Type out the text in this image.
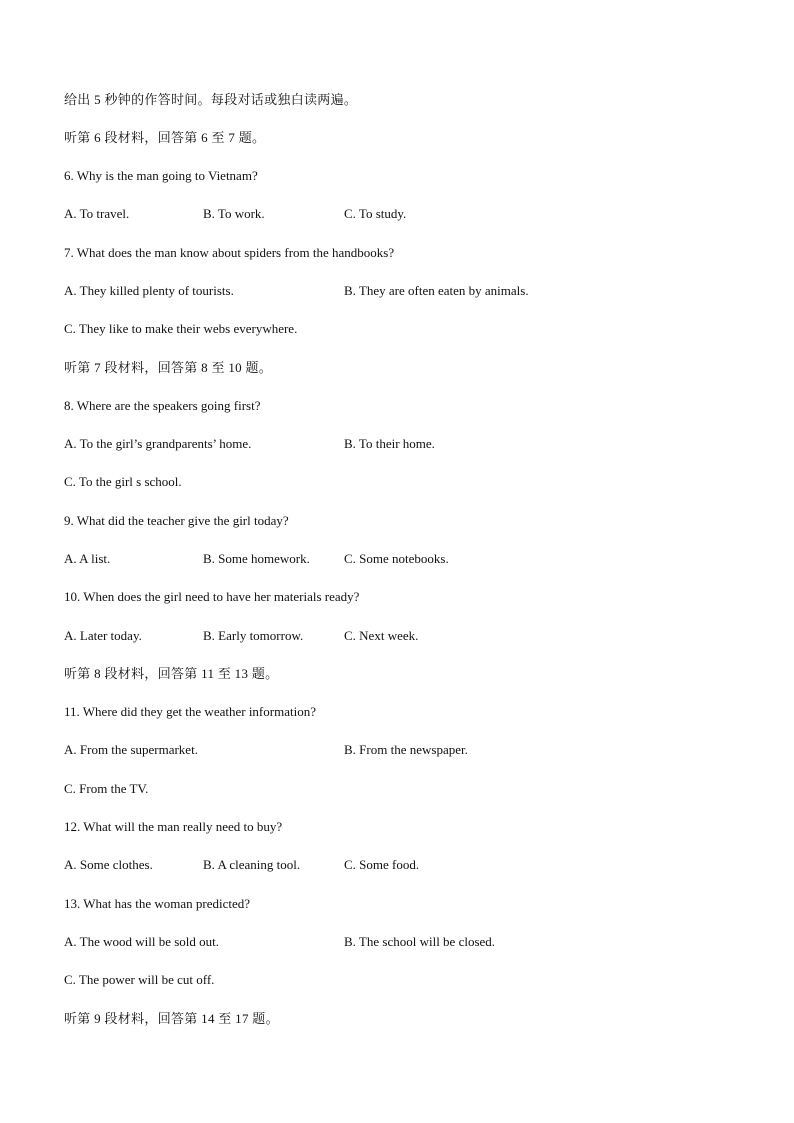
给出 5 秒钟的作答时间。每段对话或独白读两遍。
听第 6 段材料，回答第 6 至 7 题。
6. Why is the man going to Vietnam?
A. To travel.	B. To work.	C. To study.
7. What does the man know about spiders from the handbooks?
A. They killed plenty of tourists.	B. They are often eaten by animals.
C. They like to make their webs everywhere.
听第 7 段材料，回答第 8 至 10 题。
8. Where are the speakers going first?
A. To the girl’s grandparents’ home.	B. To their home.
C. To the girl s school.
9. What did the teacher give the girl today?
A. A list.	B. Some homework.	C. Some notebooks.
10. When does the girl need to have her materials ready?
A. Later today.	B. Early tomorrow.	C. Next week.
听第 8 段材料，回答第 11 至 13 题。
11. Where did they get the weather information?
A. From the supermarket.	B. From the newspaper.
C. From the TV.
12. What will the man really need to buy?
A. Some clothes.	B. A cleaning tool.	C. Some food.
13. What has the woman predicted?
A. The wood will be sold out.	B. The school will be closed.
C. The power will be cut off.
听第 9 段材料，回答第 14 至 17 题。
